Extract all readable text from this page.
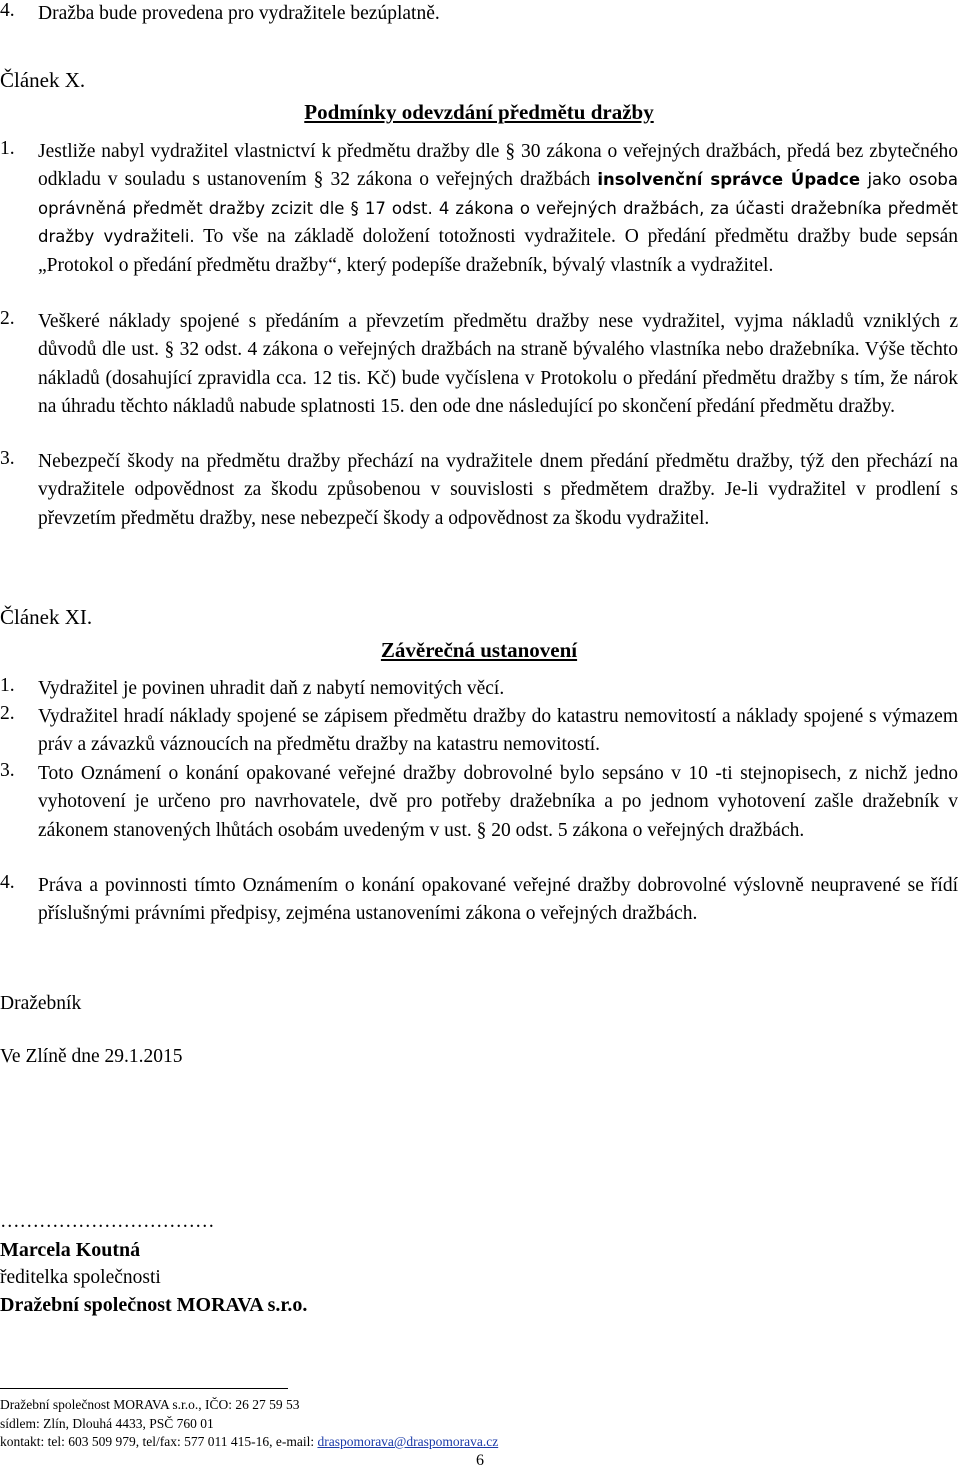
4.	Dražba bude provedena pro vydražitele bezúplatně.
Článek X.
Podmínky odevzdání předmětu dražby
1.	Jestliže nabyl vydražitel vlastnictví k předmětu dražby dle § 30 zákona o veřejných dražbách, předá bez zbytečného odkladu v souladu s ustanovením § 32 zákona o veřejných dražbách insolvenční správce Úpadce jako osoba oprávněná předmět dražby zcizit dle § 17 odst. 4 zákona o veřejných dražbách, za účasti dražebníka předmět dražby vydražiteli. To vše na základě doložení totožnosti vydražitele. O předání předmětu dražby bude sepsán „Protokol o předání předmětu dražby“, který podepíše dražebník, bývalý vlastník a vydražitel.
2.	Veškeré náklady spojené s předáním a převzetím předmětu dražby nese vydražitel, vyjma nákladů vzniklých z důvodů dle ust. § 32 odst. 4 zákona o veřejných dražbách na straně bývalého vlastníka nebo dražebníka. Výše těchto nákladů (dosahující zpravidla cca. 12 tis. Kč) bude vyčíslena v Protokolu o předání předmětu dražby s tím, že nárok na úhradu těchto nákladů nabude splatnosti 15. den ode dne následující po skončení předání předmětu dražby.
3.	Nebezpečí škody na předmětu dražby přechází na vydražitele dnem předání předmětu dražby, týž den přechází na vydražitele odpovědnost za škodu způsobenou v souvislosti s předmětem dražby. Je-li vydražitel v prodlení s převzetím předmětu dražby, nese nebezpečí škody a odpovědnost za škodu vydražitel.
Článek XI.
Závěrečná ustanovení
1.	Vydražitel je povinen uhradit daň z nabytí nemovitých věcí.
2.	Vydražitel hradí náklady spojené se zápisem předmětu dražby do katastru nemovitostí a náklady spojené s výmazem práv a závazků váznoucích na předmětu dražby na katastru nemovitostí.
3.	Toto Oznámení o konání opakované veřejné dražby dobrovolné bylo sepsáno v 10 -ti stejnopisech, z nichž jedno vyhotovení je určeno pro navrhovatele, dvě pro potřeby dražebníka a po jednom vyhotovení zašle dražebník v zákonem stanovených lhůtách osobám uvedeným v ust. § 20 odst. 5 zákona o veřejných dražbách.
4.	Práva a povinnosti tímto Oznámením o konání opakované veřejné dražby dobrovolné výslovně neupravené se řídí příslušnými právními předpisy, zejména ustanoveními zákona o veřejných dražbách.
Dražebník
Ve Zlíně dne 29.1.2015
……………………………
Marcela Koutná
ředitelka společnosti
Dražební společnost MORAVA s.r.o.
Dražební společnost MORAVA s.r.o., IČO: 26 27 59 53
sídlem: Zlín, Dlouhá 4433, PSČ 760 01
kontakt: tel: 603 509 979, tel/fax: 577 011 415-16, e-mail: draspomorava@draspomorava.cz
6
